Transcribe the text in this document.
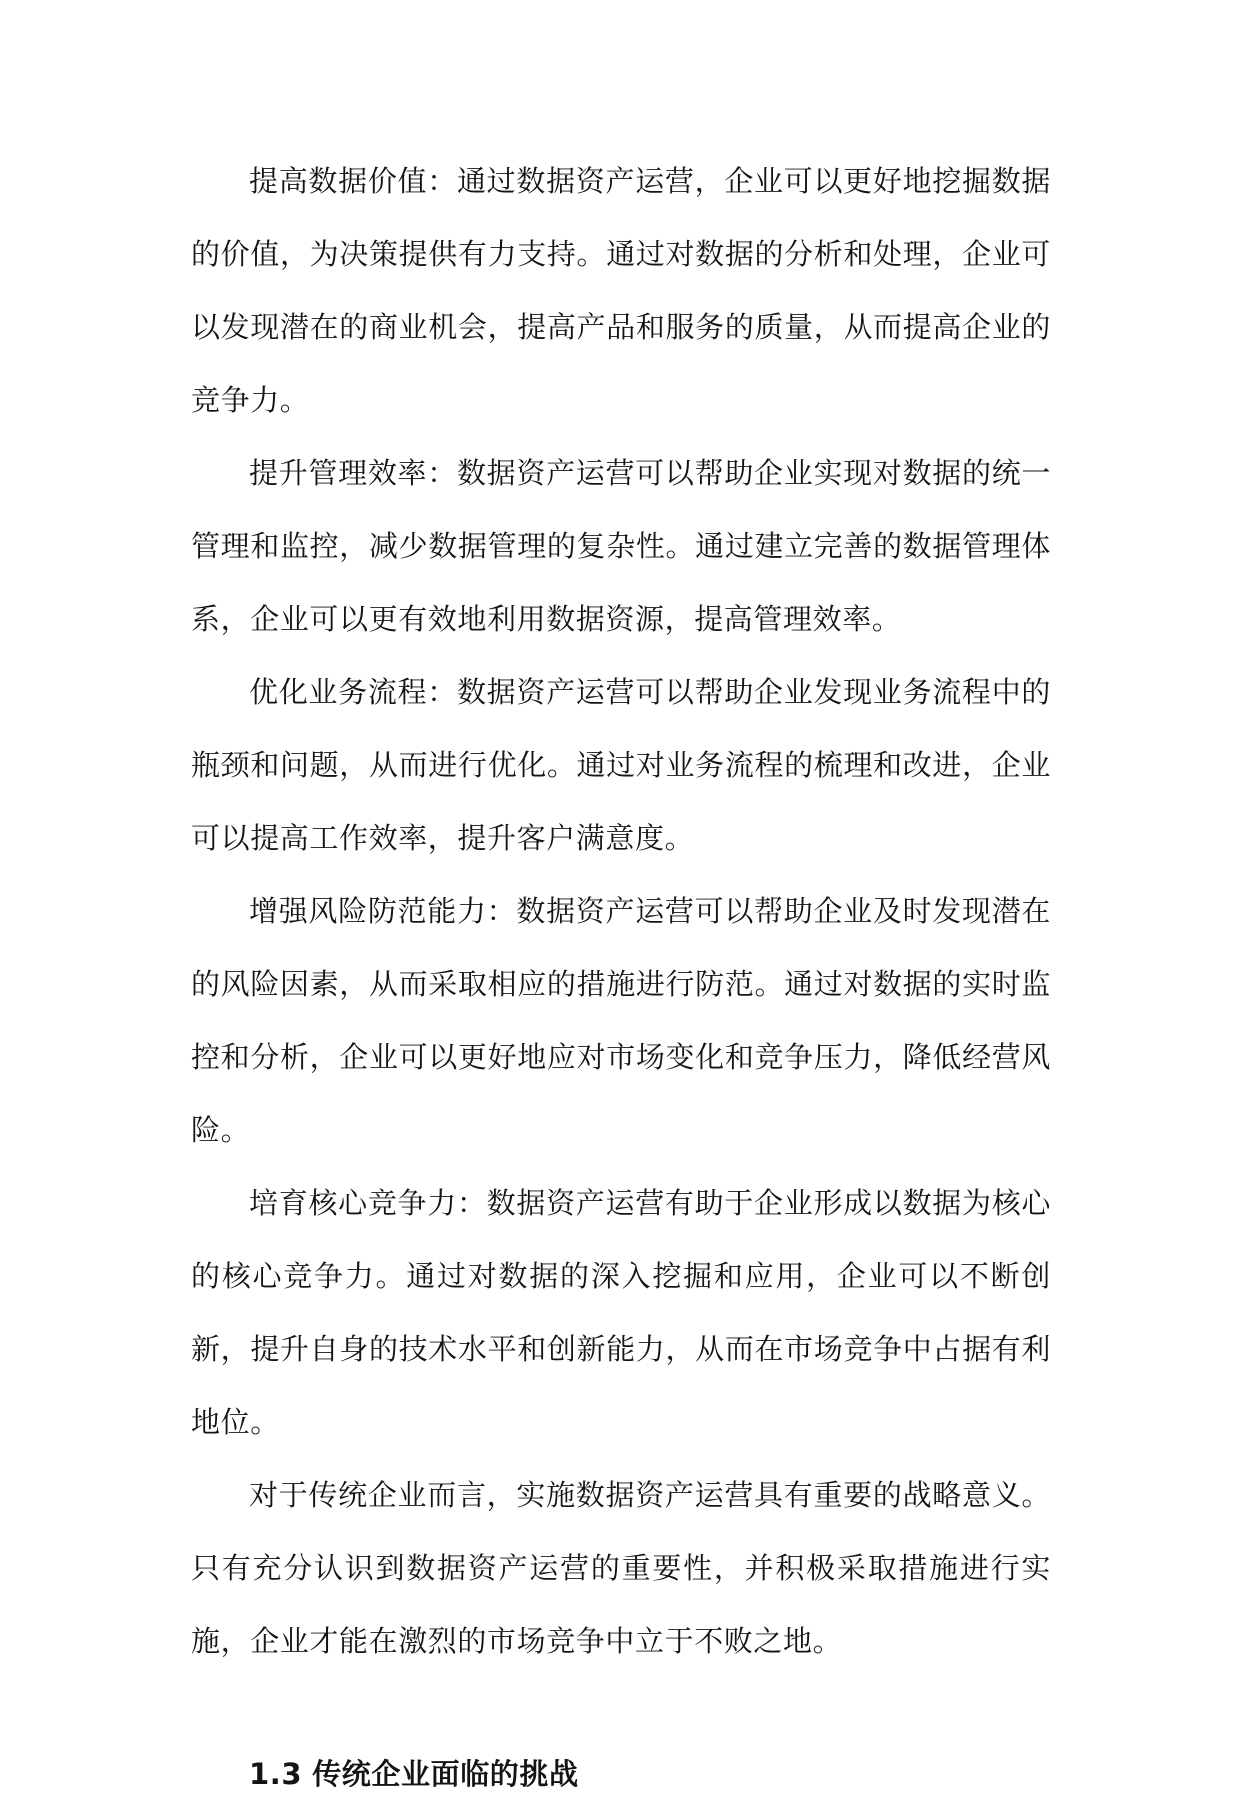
提高数据价值：通过数据资产运营，企业可以更好地挖掘数据的价值，为决策提供有力支持。通过对数据的分析和处理，企业可以发现潜在的商业机会，提高产品和服务的质量，从而提高企业的竞争力。

提升管理效率：数据资产运营可以帮助企业实现对数据的统一管理和监控，减少数据管理的复杂性。通过建立完善的数据管理体系，企业可以更有效地利用数据资源，提高管理效率。

优化业务流程：数据资产运营可以帮助企业发现业务流程中的瓶颈和问题，从而进行优化。通过对业务流程的梳理和改进，企业可以提高工作效率，提升客户满意度。

增强风险防范能力：数据资产运营可以帮助企业及时发现潜在的风险因素，从而采取相应的措施进行防范。通过对数据的实时监控和分析，企业可以更好地应对市场变化和竞争压力，降低经营风险。

培育核心竞争力：数据资产运营有助于企业形成以数据为核心的核心竞争力。通过对数据的深入挖掘和应用，企业可以不断创新，提升自身的技术水平和创新能力，从而在市场竞争中占据有利地位。

对于传统企业而言，实施数据资产运营具有重要的战略意义。只有充分认识到数据资产运营的重要性，并积极采取措施进行实施，企业才能在激烈的市场竞争中立于不败之地。

1.3 传统企业面临的挑战
